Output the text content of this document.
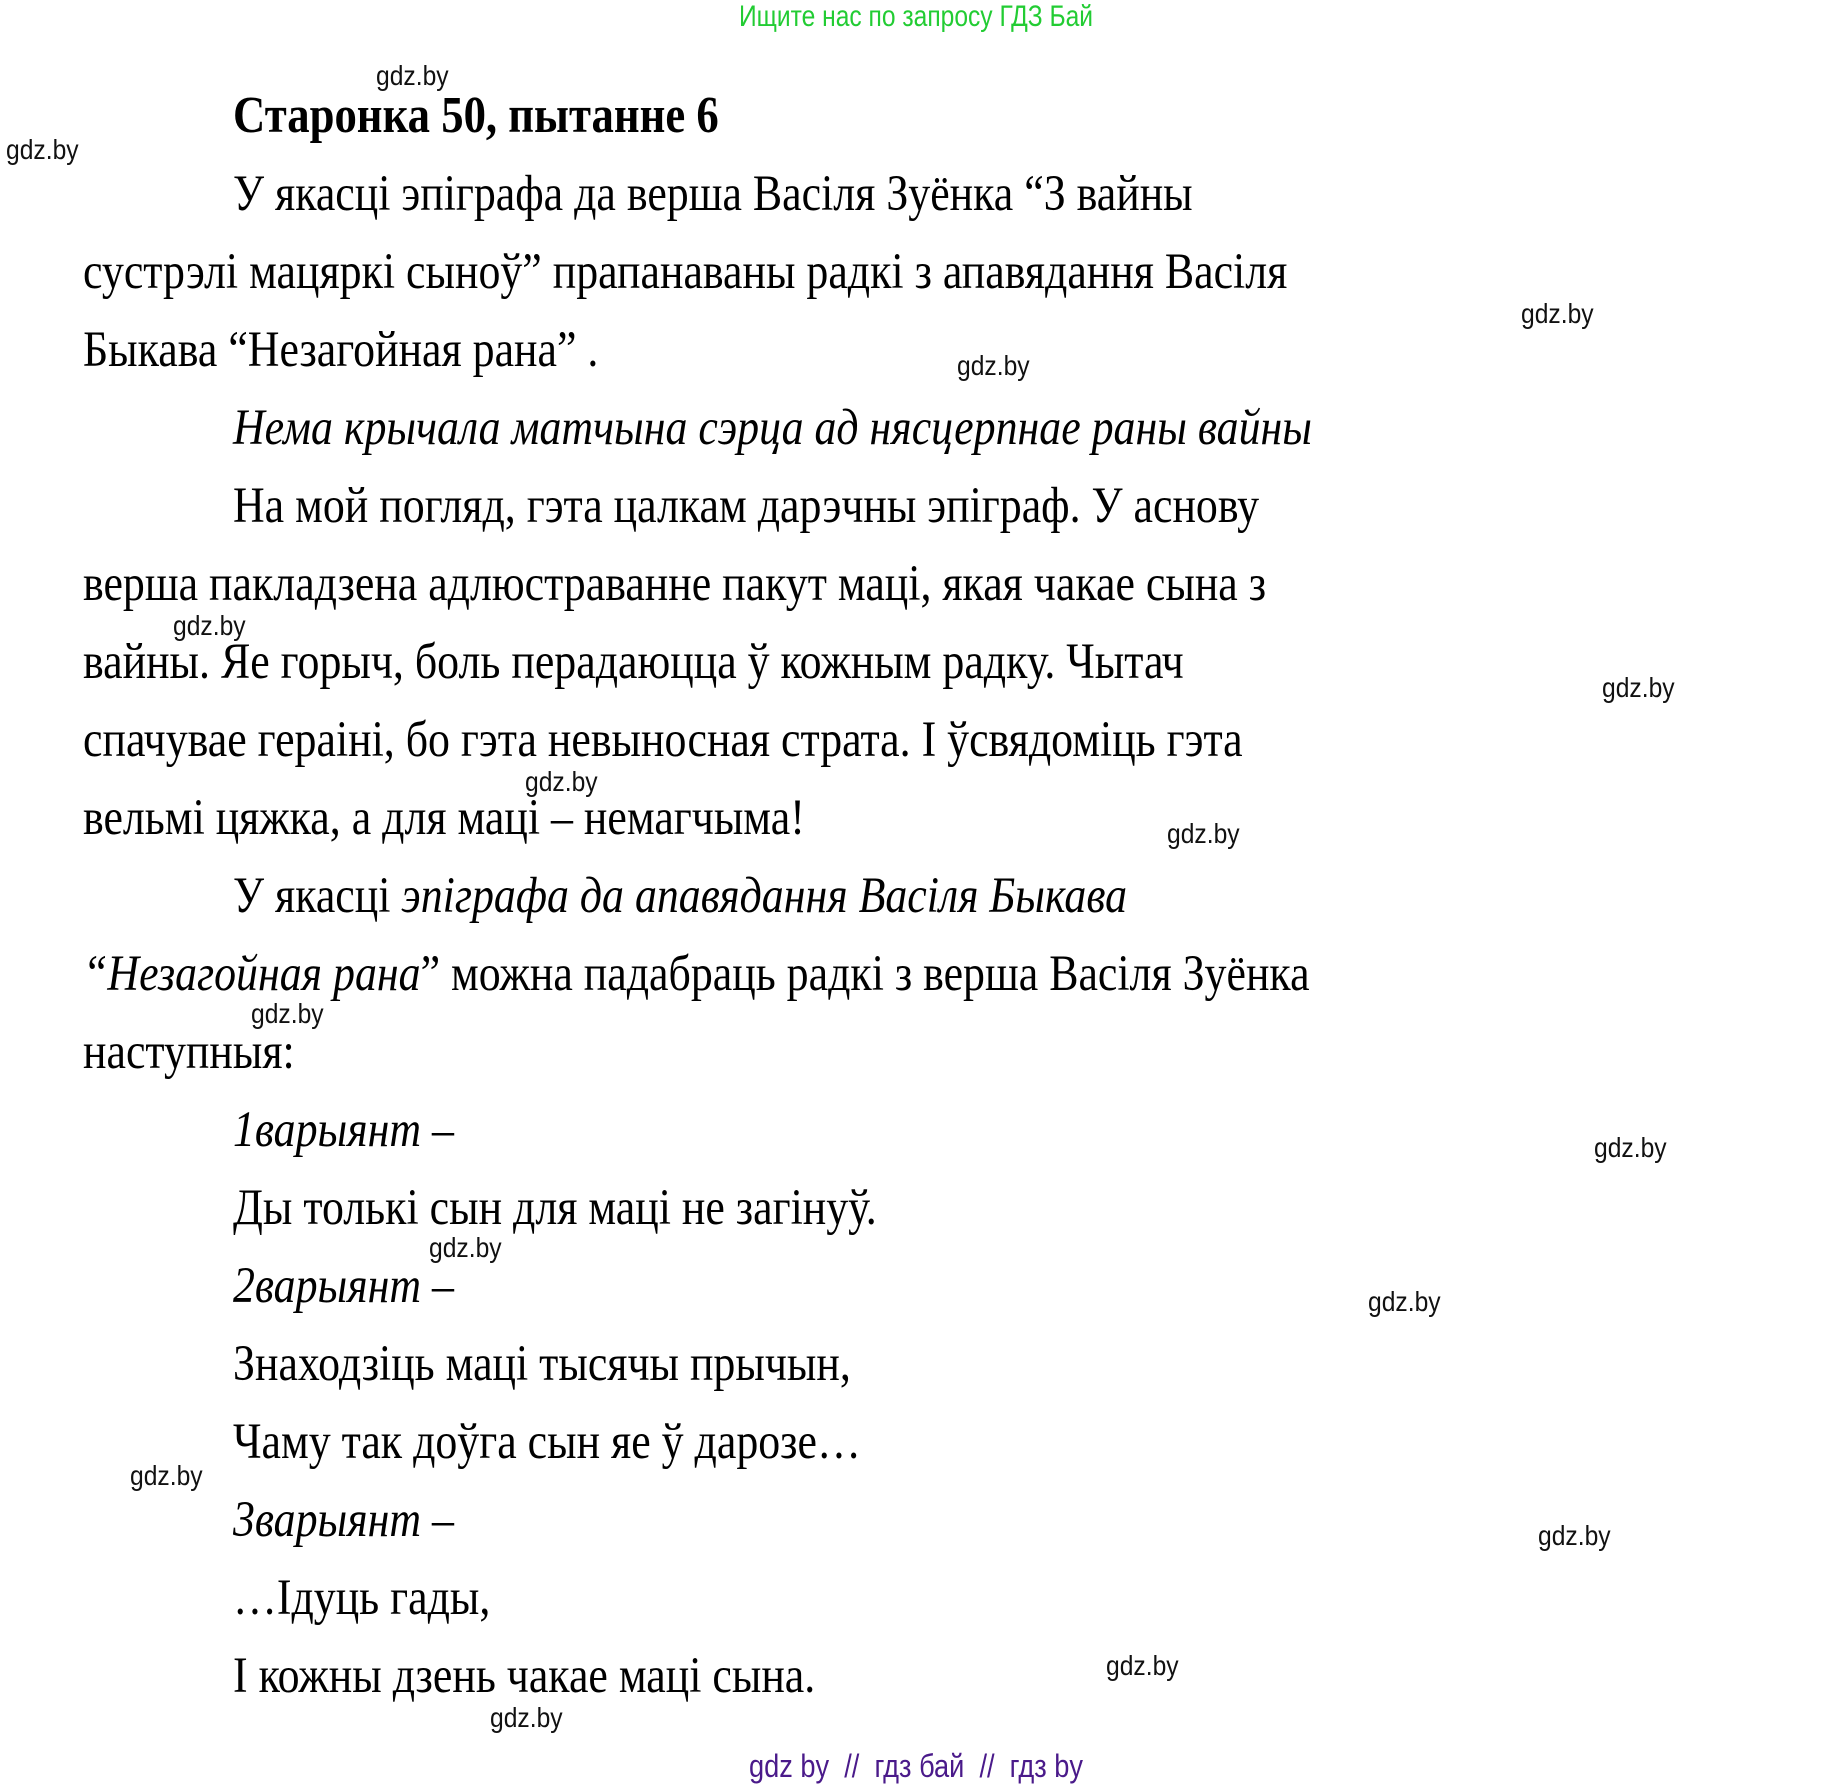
Ищите нас по запросу ГДЗ Бай
Старонка 50, пытанне 6
У якасці эпіграфа да верша Васіля Зуёнка “З вайны
сустрэлі мацяркі сыноў” прапанаваны радкі з апавядання Васіля
Быкава “Незагойная рана” .
Нема крычала матчына сэрца ад нясцерпнае раны вайны
На мой погляд, гэта цалкам дарэчны эпіграф. У аснову
верша пакладзена адлюстраванне пакут маці, якая чакае сына з
вайны. Яе горыч, боль перадаюцца ў кожным радку. Чытач
спачувае гераіні, бо гэта невыносная страта. І ўсвядоміць гэта
вельмі цяжка, а для маці – немагчыма!
У якасці эпіграфа да апавядання Васіля Быкава
“Незагойная рана” можна падабраць радкі з верша Васіля Зуёнка
наступныя:
1варыянт –
Ды толькі сын для маці не загінуў.
2варыянт –
Знаходзіць маці тысячы прычын,
Чаму так доўга сын яе ў дарозе…
3варыянт –
…Ідуць гады,
І кожны дзень чакае маці сына.
gdz.by
gdz.by
gdz.by
gdz.by
gdz.by
gdz.by
gdz.by
gdz.by
gdz.by
gdz.by
gdz.by
gdz.by
gdz.by
gdz.by
gdz.by
gdz.by
gdz by  //  гдз бай  //  гдз by
